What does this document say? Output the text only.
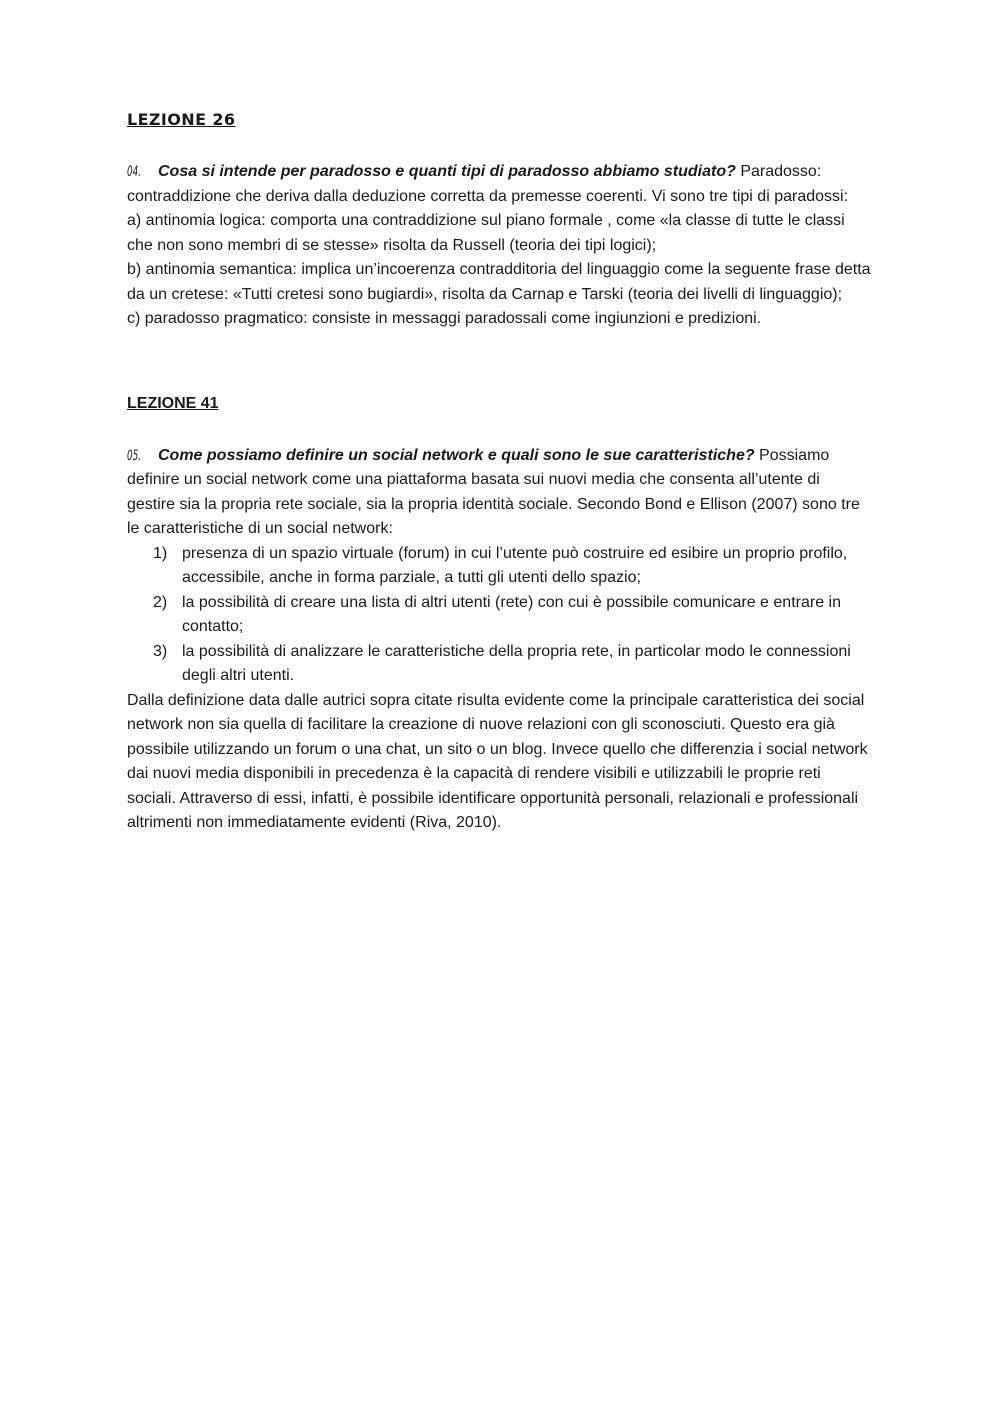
LEZIONE 26

04. Cosa si intende per paradosso e quanti tipi di paradosso abbiamo studiato? Paradosso: contraddizione che deriva dalla deduzione corretta da premesse coerenti. Vi sono tre tipi di paradossi:

a) antinomia logica: comporta una contraddizione sul piano formale , come «la classe di tutte le classi che non sono membri di se stesse» risolta da Russell (teoria dei tipi logici);

b) antinomia semantica: implica un’incoerenza contradditoria del linguaggio come la seguente frase detta da un cretese: «Tutti cretesi sono bugiardi», risolta da Carnap e Tarski (teoria dei livelli di linguaggio);

c) paradosso pragmatico: consiste in messaggi paradossali come ingiunzioni e predizioni.

LEZIONE 41

05. Come possiamo definire un social network e quali sono le sue caratteristiche? Possiamo definire un social network come una piattaforma basata sui nuovi media che consenta all’utente di gestire sia la propria rete sociale, sia la propria identità sociale. Secondo Bond e Ellison (2007) sono tre le caratteristiche di un social network:

1) presenza di un spazio virtuale (forum) in cui l’utente può costruire ed esibire un proprio profilo, accessibile, anche in forma parziale, a tutti gli utenti dello spazio;
2) la possibilità di creare una lista di altri utenti (rete) con cui è possibile comunicare e entrare in contatto;
3) la possibilità di analizzare le caratteristiche della propria rete, in particolar modo le connessioni degli altri utenti.

Dalla definizione data dalle autrici sopra citate risulta evidente come la principale caratteristica dei social network non sia quella di facilitare la creazione di nuove relazioni con gli sconosciuti. Questo era già possibile utilizzando un forum o una chat, un sito o un blog. Invece quello che differenzia i social network dai nuovi media disponibili in precedenza è la capacità di rendere visibili e utilizzabili le proprie reti sociali. Attraverso di essi, infatti, è possibile identificare opportunità personali, relazionali e professionali altrimenti non immediatamente evidenti (Riva, 2010).
